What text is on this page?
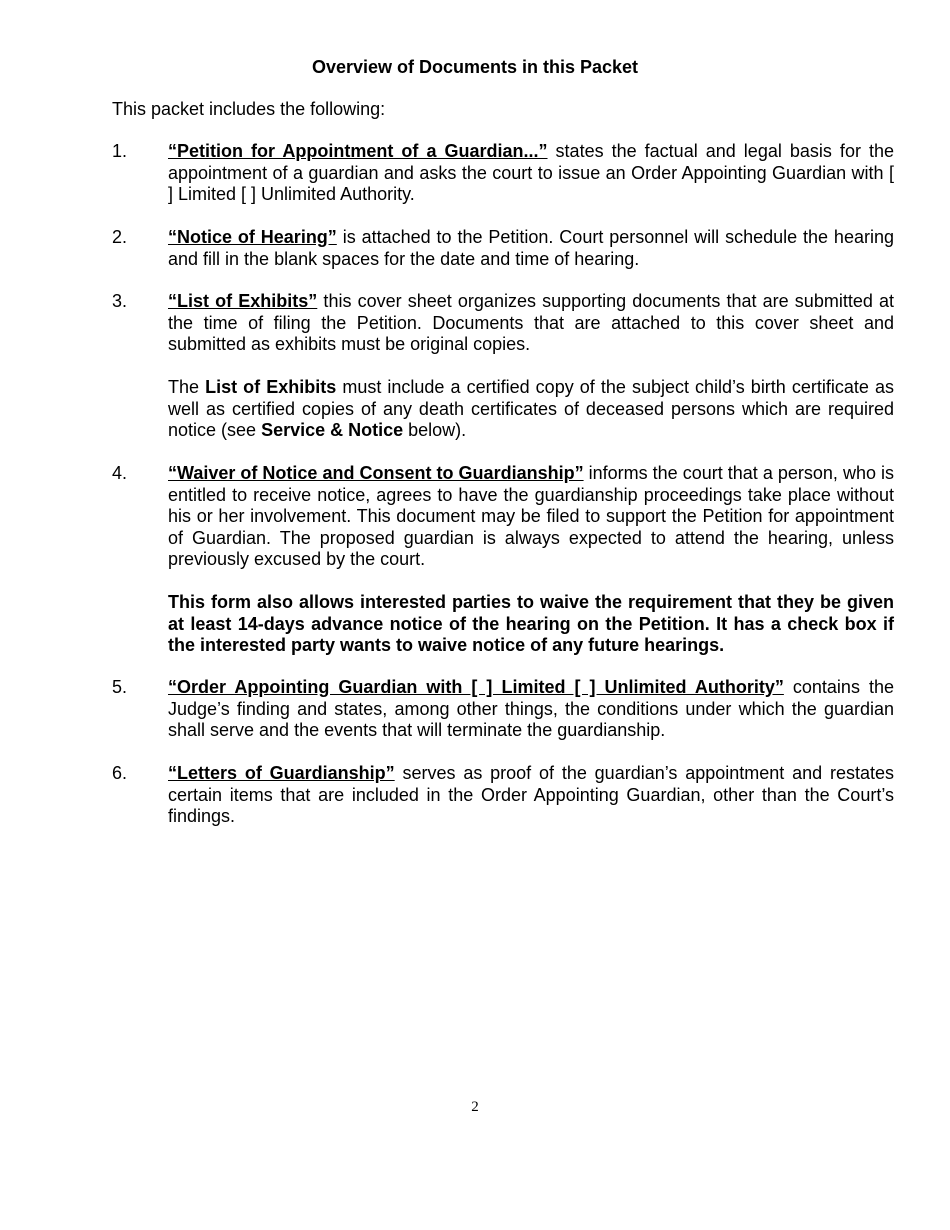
Overview of Documents in this Packet
This packet includes the following:
1.	“Petition for Appointment of a Guardian...” states the factual and legal basis for the appointment of a guardian and asks the court to issue an Order Appointing Guardian with [ ] Limited [ ] Unlimited Authority.

2.	“Notice of Hearing” is attached to the Petition. Court personnel will schedule the hearing and fill in the blank spaces for the date and time of hearing.

3.	“List of Exhibits” this cover sheet organizes supporting documents that are submitted at the time of filing the Petition. Documents that are attached to this cover sheet and submitted as exhibits must be original copies.

The List of Exhibits must include a certified copy of the subject child’s birth certificate as well as certified copies of any death certificates of deceased persons which are required notice (see Service & Notice below).

4.	“Waiver of Notice and Consent to Guardianship” informs the court that a person, who is entitled to receive notice, agrees to have the guardianship proceedings take place without his or her involvement. This document may be filed to support the Petition for appointment of Guardian. The proposed guardian is always expected to attend the hearing, unless previously excused by the court.

This form also allows interested parties to waive the requirement that they be given at least 14-days advance notice of the hearing on the Petition. It has a check box if the interested party wants to waive notice of any future hearings.

5.	“Order Appointing Guardian with [ ] Limited [ ] Unlimited Authority” contains the Judge’s finding and states, among other things, the conditions under which the guardian shall serve and the events that will terminate the guardianship.

6.	“Letters of Guardianship” serves as proof of the guardian’s appointment and restates certain items that are included in the Order Appointing Guardian, other than the Court’s findings.

2
